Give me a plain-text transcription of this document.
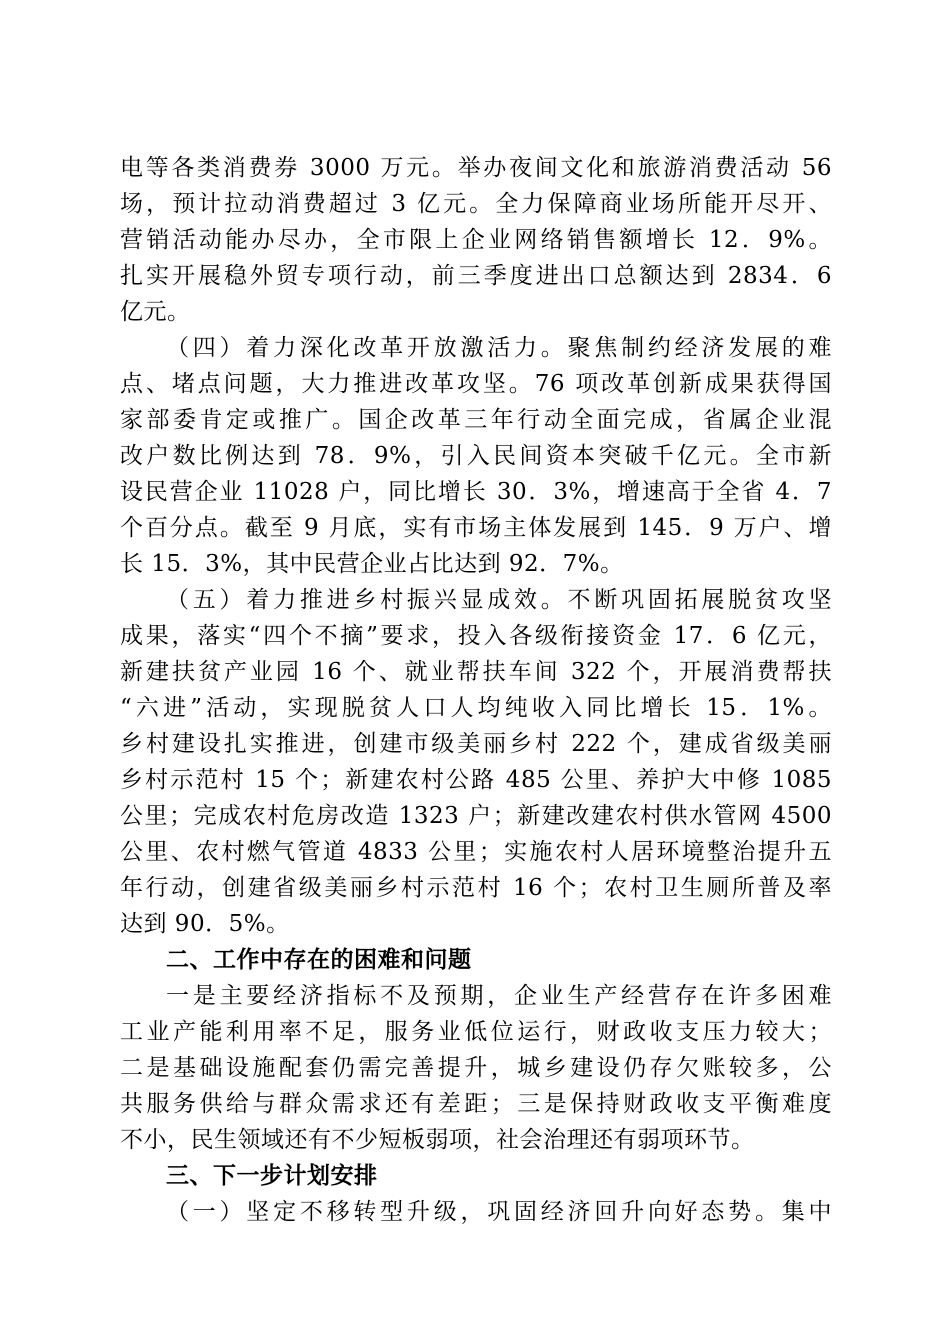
电等各类消费券 3000 万元。举办夜间文化和旅游消费活动 56
场，预计拉动消费超过 3 亿元。全力保障商业场所能开尽开、
营销活动能办尽办，全市限上企业网络销售额增长 12．9%。
扎实开展稳外贸专项行动，前三季度进出口总额达到 2834．6
亿元。
（四）着力深化改革开放激活力。聚焦制约经济发展的难
点、堵点问题，大力推进改革攻坚。76 项改革创新成果获得国
家部委肯定或推广。国企改革三年行动全面完成，省属企业混
改户数比例达到 78．9%，引入民间资本突破千亿元。全市新
设民营企业 11028 户，同比增长 30．3%，增速高于全省 4．7
个百分点。截至 9 月底，实有市场主体发展到 145．9 万户、增
长 15．3%，其中民营企业占比达到 92．7%。
（五）着力推进乡村振兴显成效。不断巩固拓展脱贫攻坚
成果，落实“四个不摘”要求，投入各级衔接资金 17．6 亿元，
新建扶贫产业园 16 个、就业帮扶车间 322 个，开展消费帮扶
“六进”活动，实现脱贫人口人均纯收入同比增长 15．1%。
乡村建设扎实推进，创建市级美丽乡村 222 个，建成省级美丽
乡村示范村 15 个；新建农村公路 485 公里、养护大中修 1085
公里；完成农村危房改造 1323 户；新建改建农村供水管网 4500
公里、农村燃气管道 4833 公里；实施农村人居环境整治提升五
年行动，创建省级美丽乡村示范村 16 个；农村卫生厕所普及率
达到 90．5%。
二、工作中存在的困难和问题
一是主要经济指标不及预期，企业生产经营存在许多困难
工业产能利用率不足，服务业低位运行，财政收支压力较大；
二是基础设施配套仍需完善提升，城乡建设仍存欠账较多，公
共服务供给与群众需求还有差距；三是保持财政收支平衡难度
不小，民生领域还有不少短板弱项，社会治理还有弱项环节。
三、下一步计划安排
（一）坚定不移转型升级，巩固经济回升向好态势。集中
